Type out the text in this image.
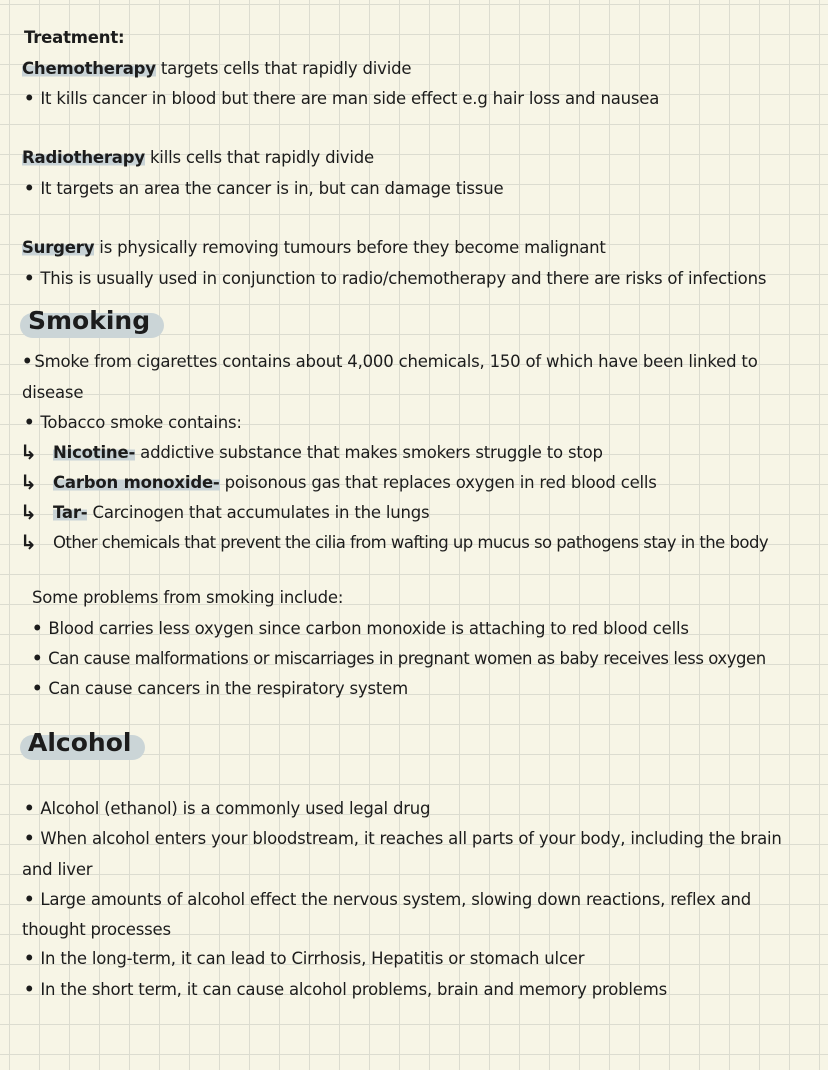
Treatment:
Chemotherapy targets cells that rapidly divide
• It kills cancer in blood but there are man side effect e.g hair loss and nausea
Radiotherapy kills cells that rapidly divide
• It targets an area the cancer is in, but can damage tissue
Surgery is physically removing tumours before they become malignant
• This is usually used in conjunction to radio/chemotherapy and there are risks of infections
Smoking
• Smoke from cigarettes contains about 4,000 chemicals, 150 of which have been linked to
disease
• Tobacco smoke contains:
↳ Nicotine- addictive substance that makes smokers struggle to stop
↳ Carbon monoxide- poisonous gas that replaces oxygen in red blood cells
↳ Tar- Carcinogen that accumulates in the lungs
↳ Other chemicals that prevent the cilia from wafting up mucus so pathogens stay in the body
Some problems from smoking include:
• Blood carries less oxygen since carbon monoxide is attaching to red blood cells
• Can cause malformations or miscarriages in pregnant women as baby receives less oxygen
• Can cause cancers in the respiratory system
Alcohol
• Alcohol (ethanol) is a commonly used legal drug
• When alcohol enters your bloodstream, it reaches all parts of your body, including the brain
and liver
• Large amounts of alcohol effect the nervous system, slowing down reactions, reflex and
thought processes
• In the long-term, it can lead to Cirrhosis, Hepatitis or stomach ulcer
• In the short term, it can cause alcohol problems, brain and memory problems
